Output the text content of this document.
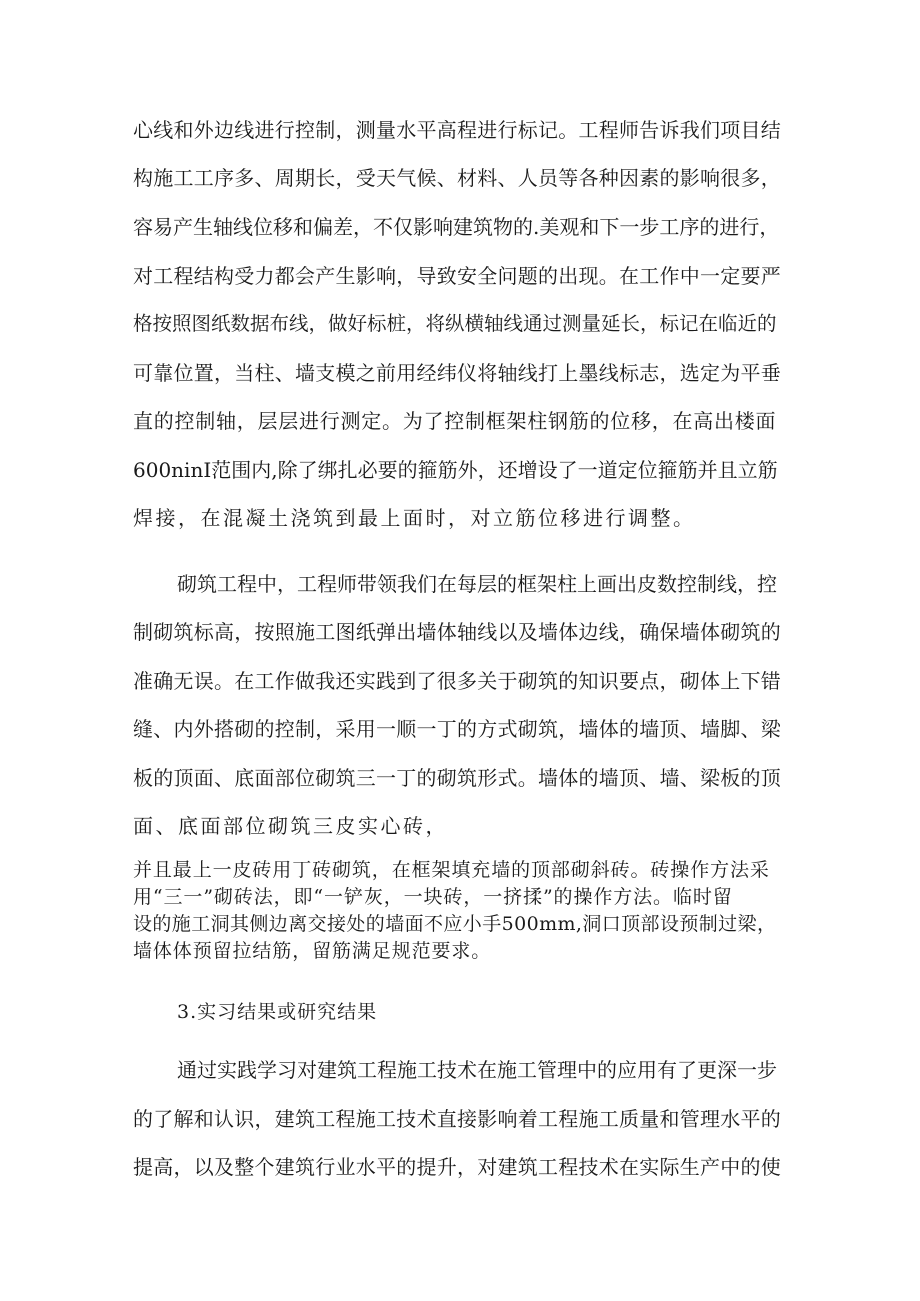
心线和外边线进行控制，测量水平高程进行标记。工程师告诉我们项目结
构施工工序多、周期长，受天气候、材料、人员等各种因素的影响很多，
容易产生轴线位移和偏差，不仅影响建筑物的.美观和下一步工序的进行，
对工程结构受力都会产生影响，导致安全问题的出现。在工作中一定要严
格按照图纸数据布线，做好标桩，将纵横轴线通过测量延长，标记在临近的
可靠位置，当柱、墙支模之前用经纬仪将轴线打上墨线标志，选定为平垂
直的控制轴，层层进行测定。为了控制框架柱钢筋的位移，在高出楼面
600ninI范围内,除了绑扎必要的箍筋外，还增设了一道定位箍筋并且立筋
焊接，在混凝土浇筑到最上面时，对立筋位移进行调整。
砌筑工程中，工程师带领我们在每层的框架柱上画出皮数控制线，控
制砌筑标高，按照施工图纸弹出墙体轴线以及墙体边线，确保墙体砌筑的
准确无误。在工作做我还实践到了很多关于砌筑的知识要点，砌体上下错
缝、内外搭砌的控制，采用一顺一丁的方式砌筑，墙体的墙顶、墙脚、梁
板的顶面、底面部位砌筑三一丁的砌筑形式。墙体的墙顶、墙、梁板的顶
面、底面部位砌筑三皮实心砖，
并且最上一皮砖用丁砖砌筑，在框架填充墙的顶部砌斜砖。砖操作方法采
用“三一”砌砖法，即“一铲灰，一块砖，一挤揉”的操作方法。临时留
设的施工洞其侧边离交接处的墙面不应小手500mm,洞口顶部设预制过梁，
墙体体预留拉结筋，留筋满足规范要求。
3.实习结果或研究结果
通过实践学习对建筑工程施工技术在施工管理中的应用有了更深一步
的了解和认识，建筑工程施工技术直接影响着工程施工质量和管理水平的
提高，以及整个建筑行业水平的提升，对建筑工程技术在实际生产中的使
